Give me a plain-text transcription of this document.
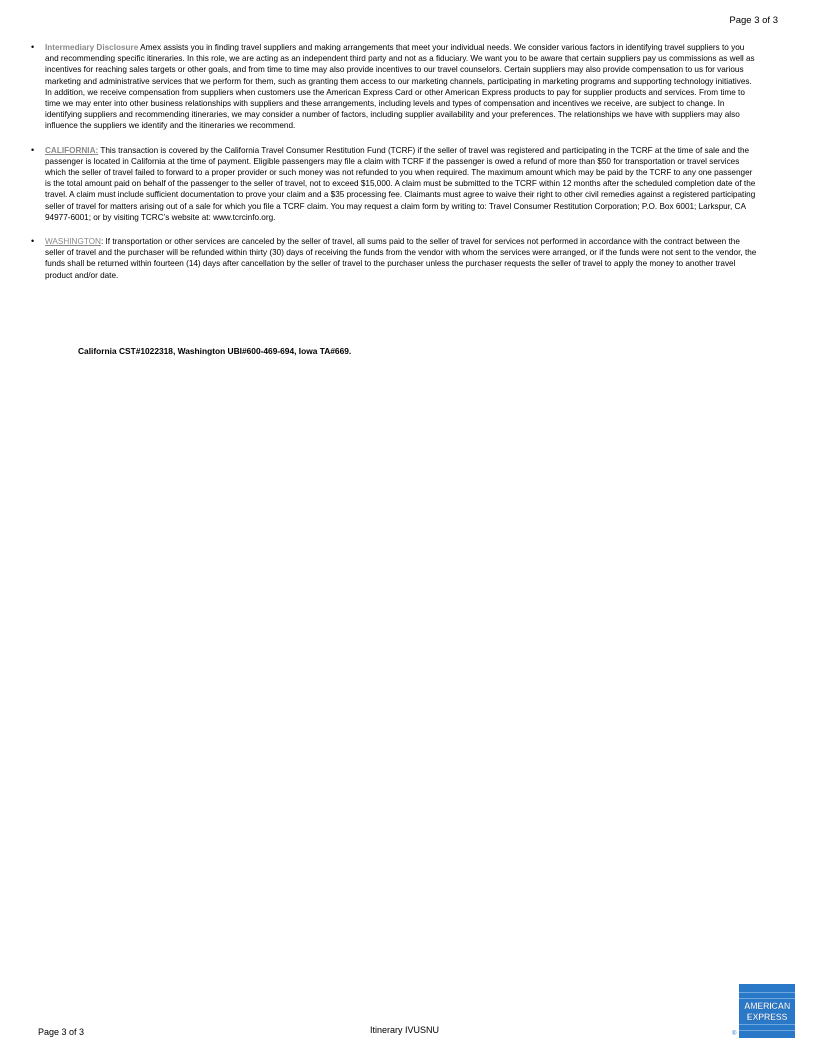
Page 3 of 3
• Intermediary Disclosure Amex assists you in finding travel suppliers and making arrangements that meet your individual needs. We consider various factors in identifying travel suppliers to you and recommending specific itineraries. In this role, we are acting as an independent third party and not as a fiduciary. We want you to be aware that certain suppliers pay us commissions as well as incentives for reaching sales targets or other goals, and from time to time may also provide incentives to our travel counselors. Certain suppliers may also provide compensation to us for various marketing and administrative services that we perform for them, such as granting them access to our marketing channels, participating in marketing programs and supporting technology initiatives. In addition, we receive compensation from suppliers when customers use the American Express Card or other American Express products to pay for supplier products and services. From time to time we may enter into other business relationships with suppliers and these arrangements, including levels and types of compensation and incentives we receive, are subject to change. In identifying suppliers and recommending itineraries, we may consider a number of factors, including supplier availability and your preferences. The relationships we have with suppliers may also influence the suppliers we identify and the itineraries we recommend.
• CALIFORNIA: This transaction is covered by the California Travel Consumer Restitution Fund (TCRF) if the seller of travel was registered and participating in the TCRF at the time of sale and the passenger is located in California at the time of payment. Eligible passengers may file a claim with TCRF if the passenger is owed a refund of more than $50 for transportation or travel services which the seller of travel failed to forward to a proper provider or such money was not refunded to you when required. The maximum amount which may be paid by the TCRF to any one passenger is the total amount paid on behalf of the passenger to the seller of travel, not to exceed $15,000. A claim must be submitted to the TCRF within 12 months after the scheduled completion date of the travel. A claim must include sufficient documentation to prove your claim and a $35 processing fee. Claimants must agree to waive their right to other civil remedies against a registered participating seller of travel for matters arising out of a sale for which you file a TCRF claim. You may request a claim form by writing to: Travel Consumer Restitution Corporation; P.O. Box 6001; Larkspur, CA 94977-6001; or by visiting TCRC’s website at: www.tcrcinfo.org.
• WASHINGTON: If transportation or other services are canceled by the seller of travel, all sums paid to the seller of travel for services not performed in accordance with the contract between the seller of travel and the purchaser will be refunded within thirty (30) days of receiving the funds from the vendor with whom the services were arranged, or if the funds were not sent to the vendor, the funds shall be returned within fourteen (14) days after cancellation by the seller of travel to the purchaser unless the purchaser requests the seller of travel to apply the money to another travel product and/or date.
California CST#1022318, Washington UBI#600-469-694, Iowa TA#669.
Page 3 of 3	Itinerary IVUSNU
AMERICAN
EXPRESS
®
